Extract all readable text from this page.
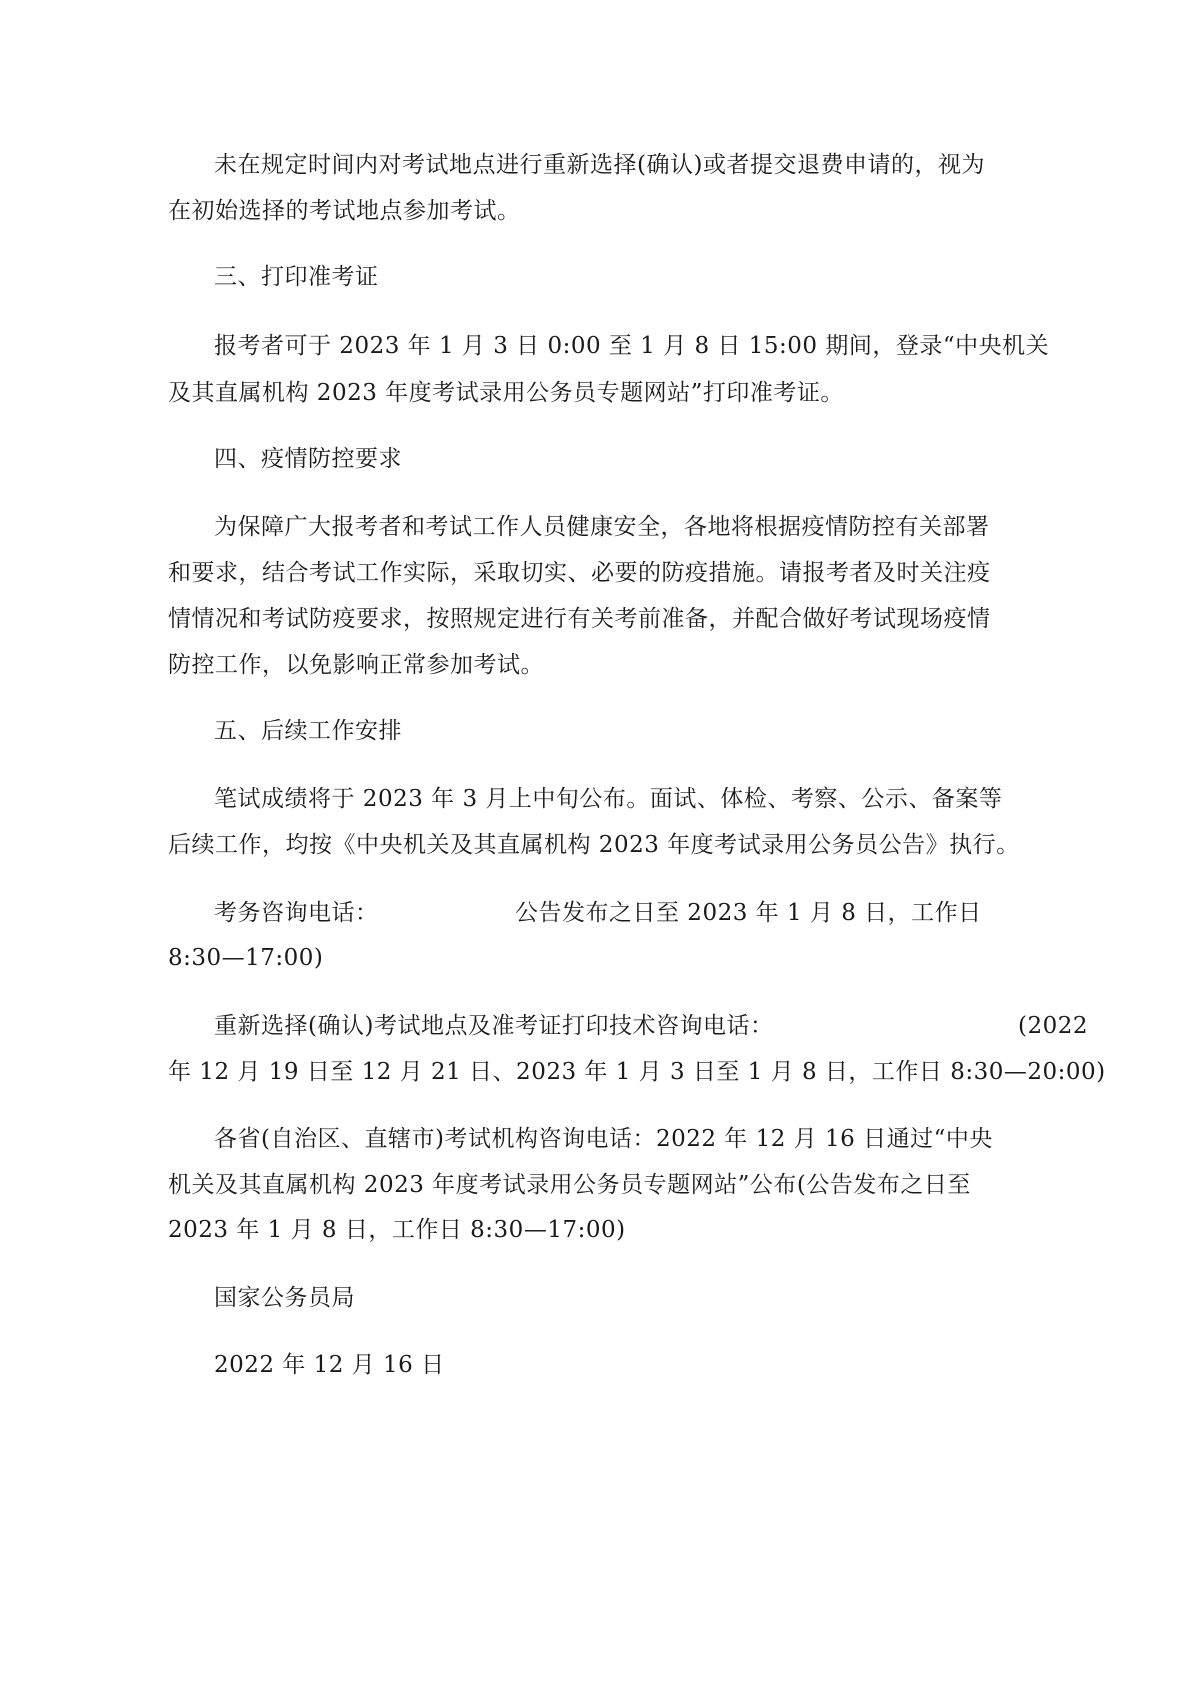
未在规定时间内对考试地点进行重新选择(确认)或者提交退费申请的，视为
在初始选择的考试地点参加考试。
三、打印准考证
报考者可于 2023 年 1 月 3 日 0:00 至 1 月 8 日 15:00 期间，登录“中央机关
及其直属机构 2023 年度考试录用公务员专题网站”打印准考证。
四、疫情防控要求
为保障广大报考者和考试工作人员健康安全，各地将根据疫情防控有关部署
和要求，结合考试工作实际，采取切实、必要的防疫措施。请报考者及时关注疫
情情况和考试防疫要求，按照规定进行有关考前准备，并配合做好考试现场疫情
防控工作，以免影响正常参加考试。
五、后续工作安排
笔试成绩将于 2023 年 3 月上中旬公布。面试、体检、考察、公示、备案等
后续工作，均按《中央机关及其直属机构 2023 年度考试录用公务员公告》执行。
考务咨询电话：	公告发布之日至 2023 年 1 月 8 日，工作日
8:30—17:00)
重新选择(确认)考试地点及准考证打印技术咨询电话：	(2022
年 12 月 19 日至 12 月 21 日、2023 年 1 月 3 日至 1 月 8 日，工作日 8:30—20:00)
各省(自治区、直辖市)考试机构咨询电话：2022 年 12 月 16 日通过“中央
机关及其直属机构 2023 年度考试录用公务员专题网站”公布(公告发布之日至
2023 年 1 月 8 日，工作日 8:30—17:00)
国家公务员局
2022 年 12 月 16 日
